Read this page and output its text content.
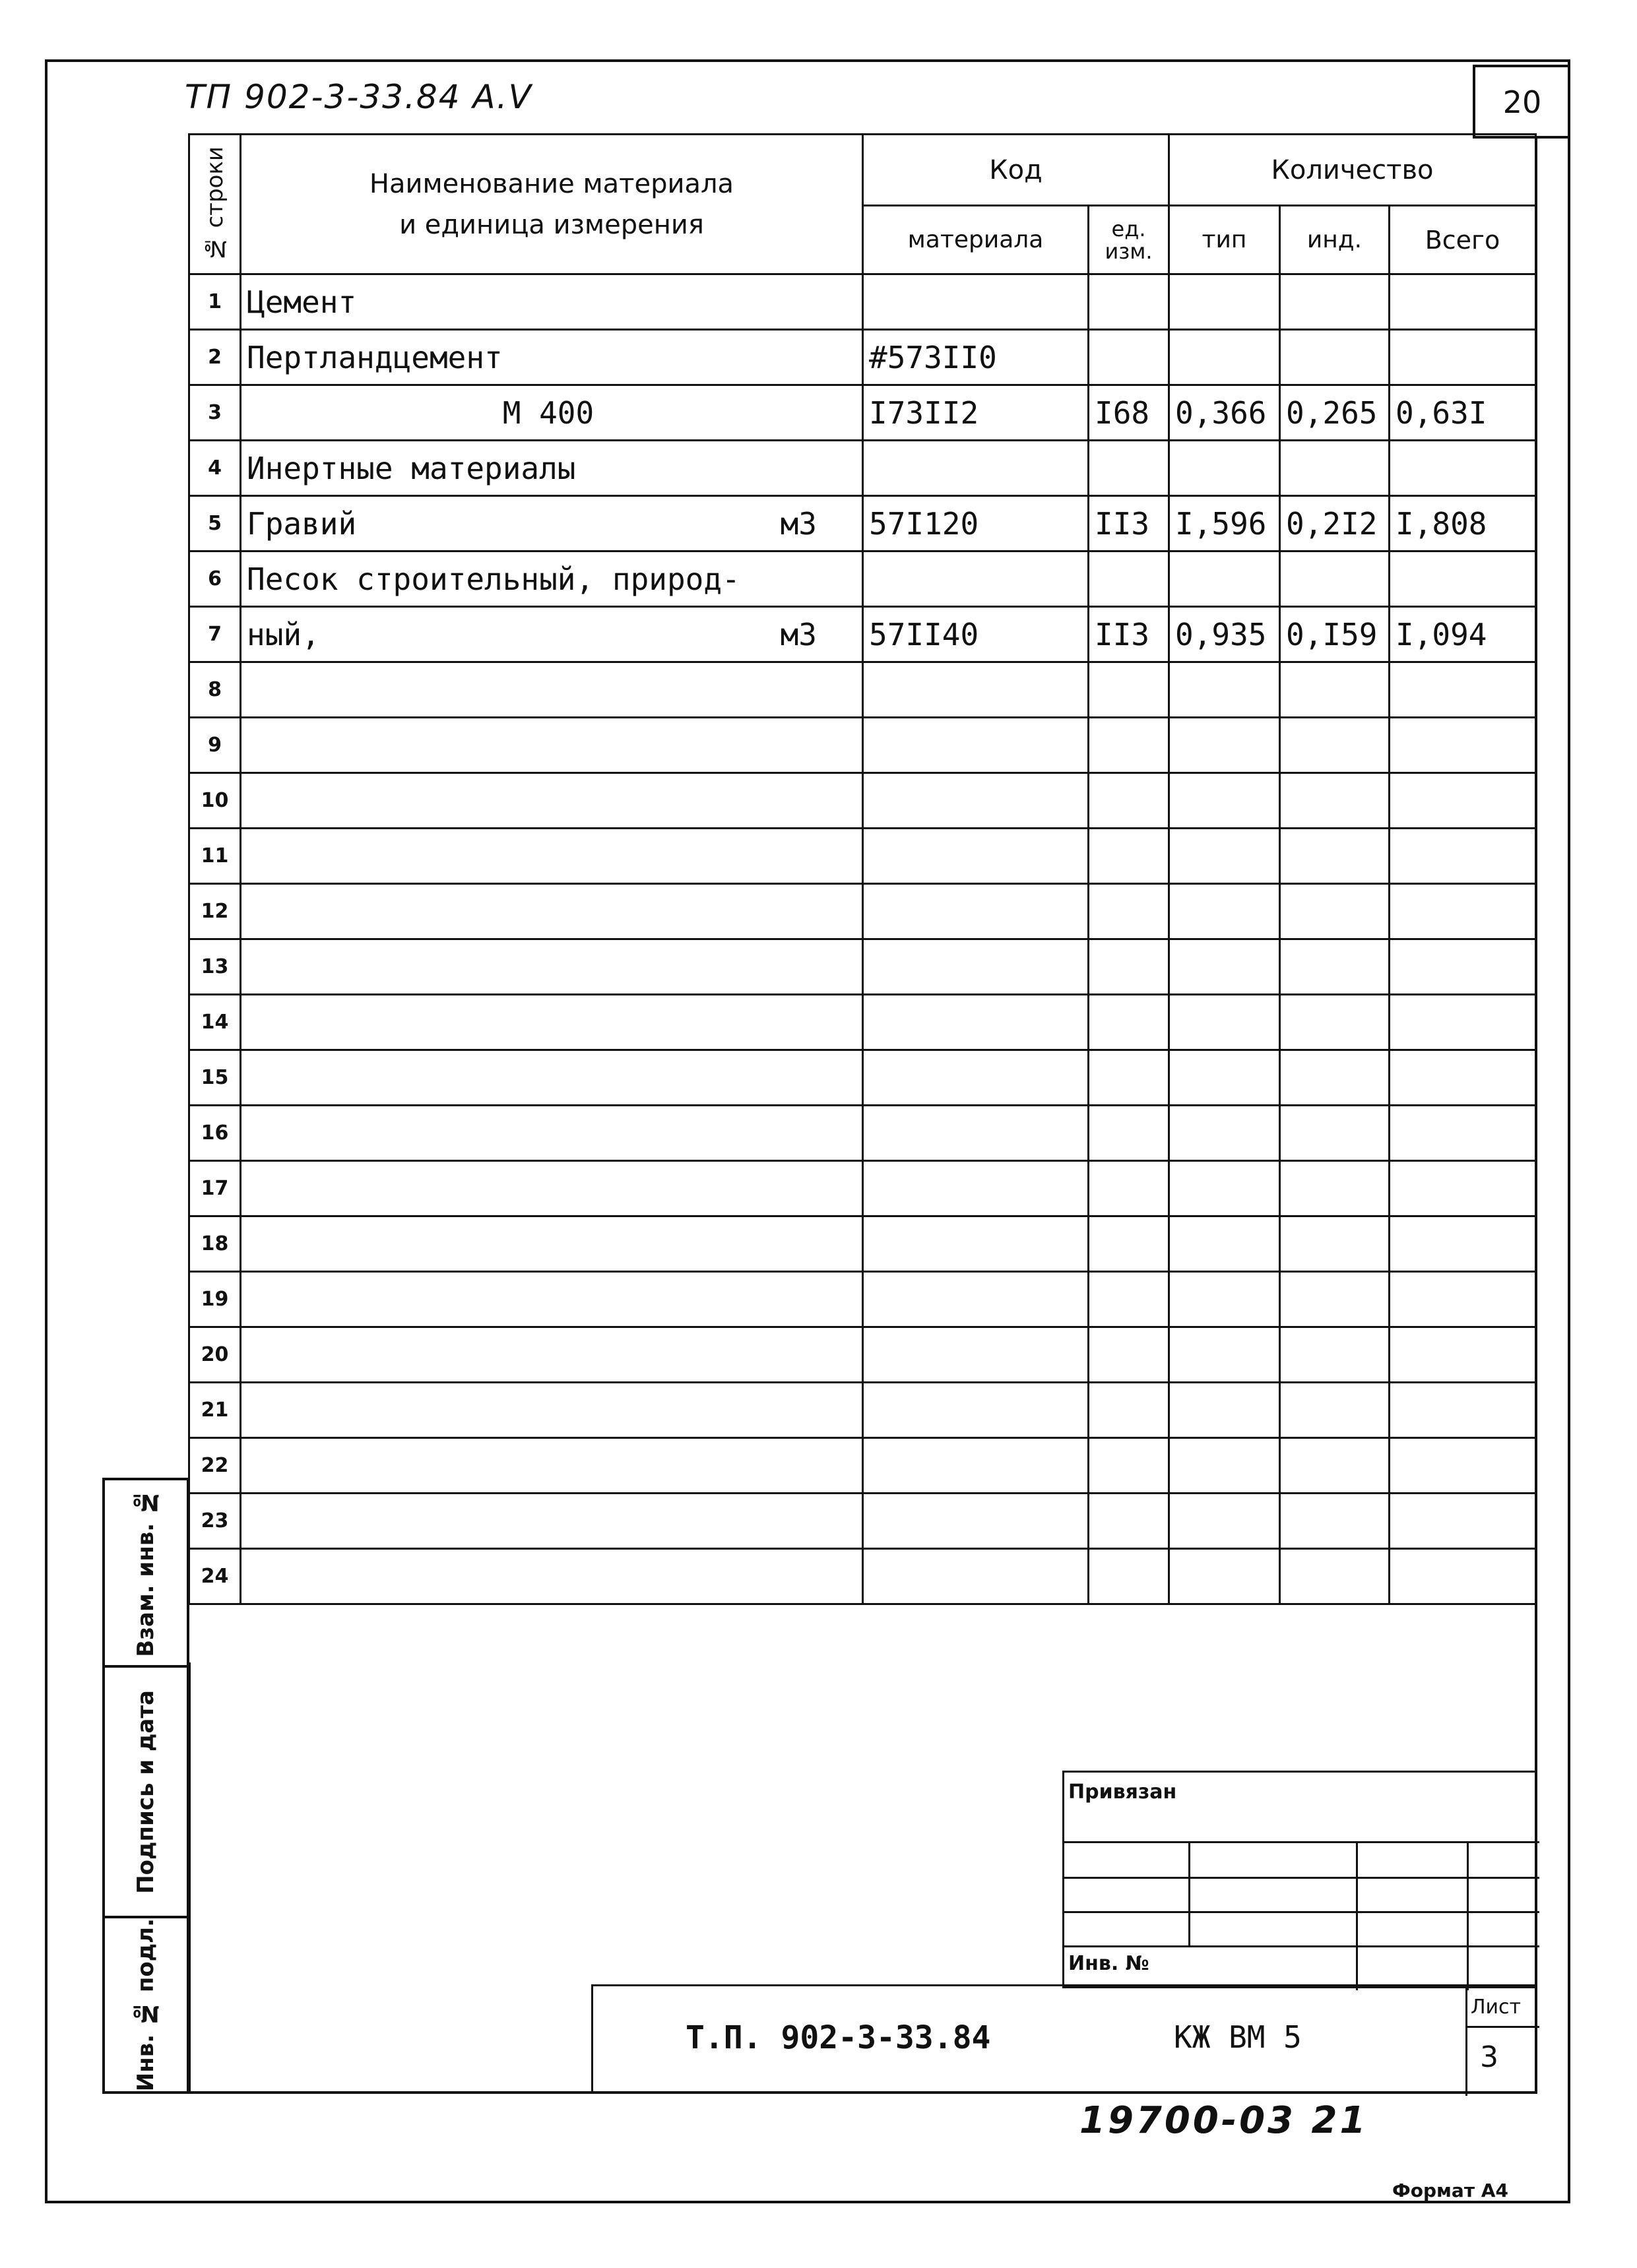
20
ТП 902-3-33.84 А.Ⅴ
№ строки	Наименование материала
и единица измерения	Код		Количество		
		материала	ед. изм.	тип	инд.	Всего
1	Цемент					

2	Пертландцемент	#573II0				
3	M 400	I73II2	I68	0,366	0,265	0,63I
4	Инертные материалы					

5	Гравий м3	57I120	II3	I,596	0,2I2	I,808
6	Песок строительный, природ-					

7	ный, м3	57II40	II3	0,935	0,I59	I,094
8	

9	

10	

11	

12	

13	

14	

15	

16	

17	

18	

19	

20	

21	

22	

23	

24	

Взам. инв. №
Подпись и дата
Инв. № подл.
Привязан
Инв. №
Т.П. 902-3-33.84	КЖ ВМ 5
Лист
3
19700-03 21
Формат А4
